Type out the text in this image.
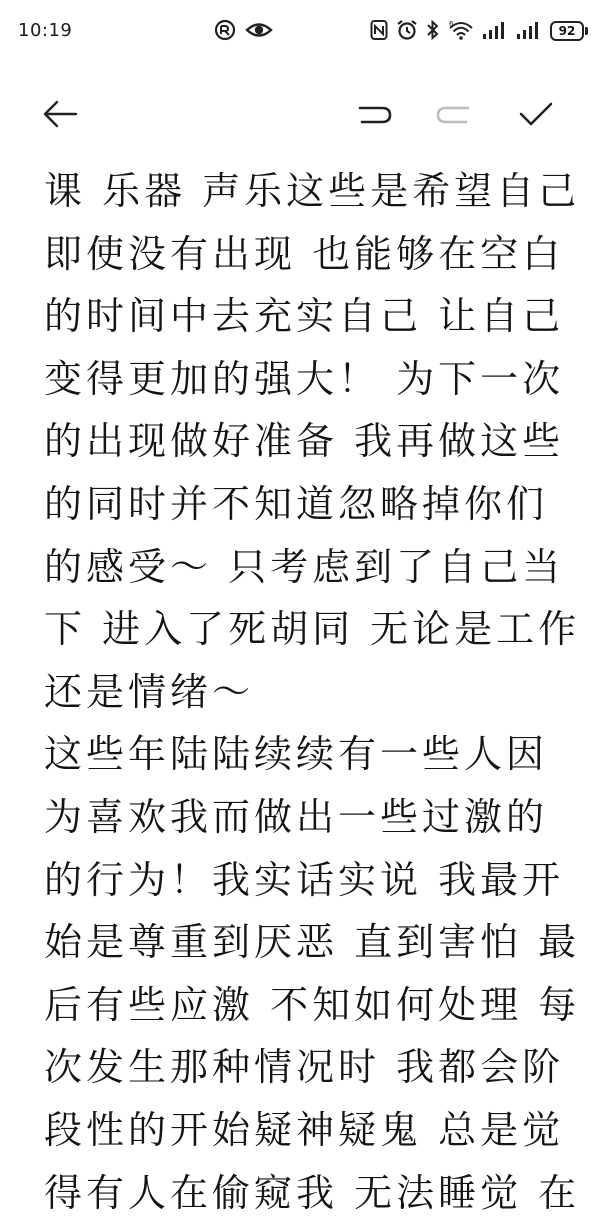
10:19	6	92
课 乐器 声乐这些是希望自己
即使没有出现 也能够在空白
的时间中去充实自己 让自己
变得更加的强大！ 为下一次
的出现做好准备 我再做这些
的同时并不知道忽略掉你们
的感受～ 只考虑到了自己当
下 进入了死胡同 无论是工作
还是情绪～
这些年陆陆续续有一些人因
为喜欢我而做出一些过激的
的行为！我实话实说 我最开
始是尊重到厌恶 直到害怕 最
后有些应激 不知如何处理 每
次发生那种情况时 我都会阶
段性的开始疑神疑鬼 总是觉
得有人在偷窥我 无法睡觉 在
